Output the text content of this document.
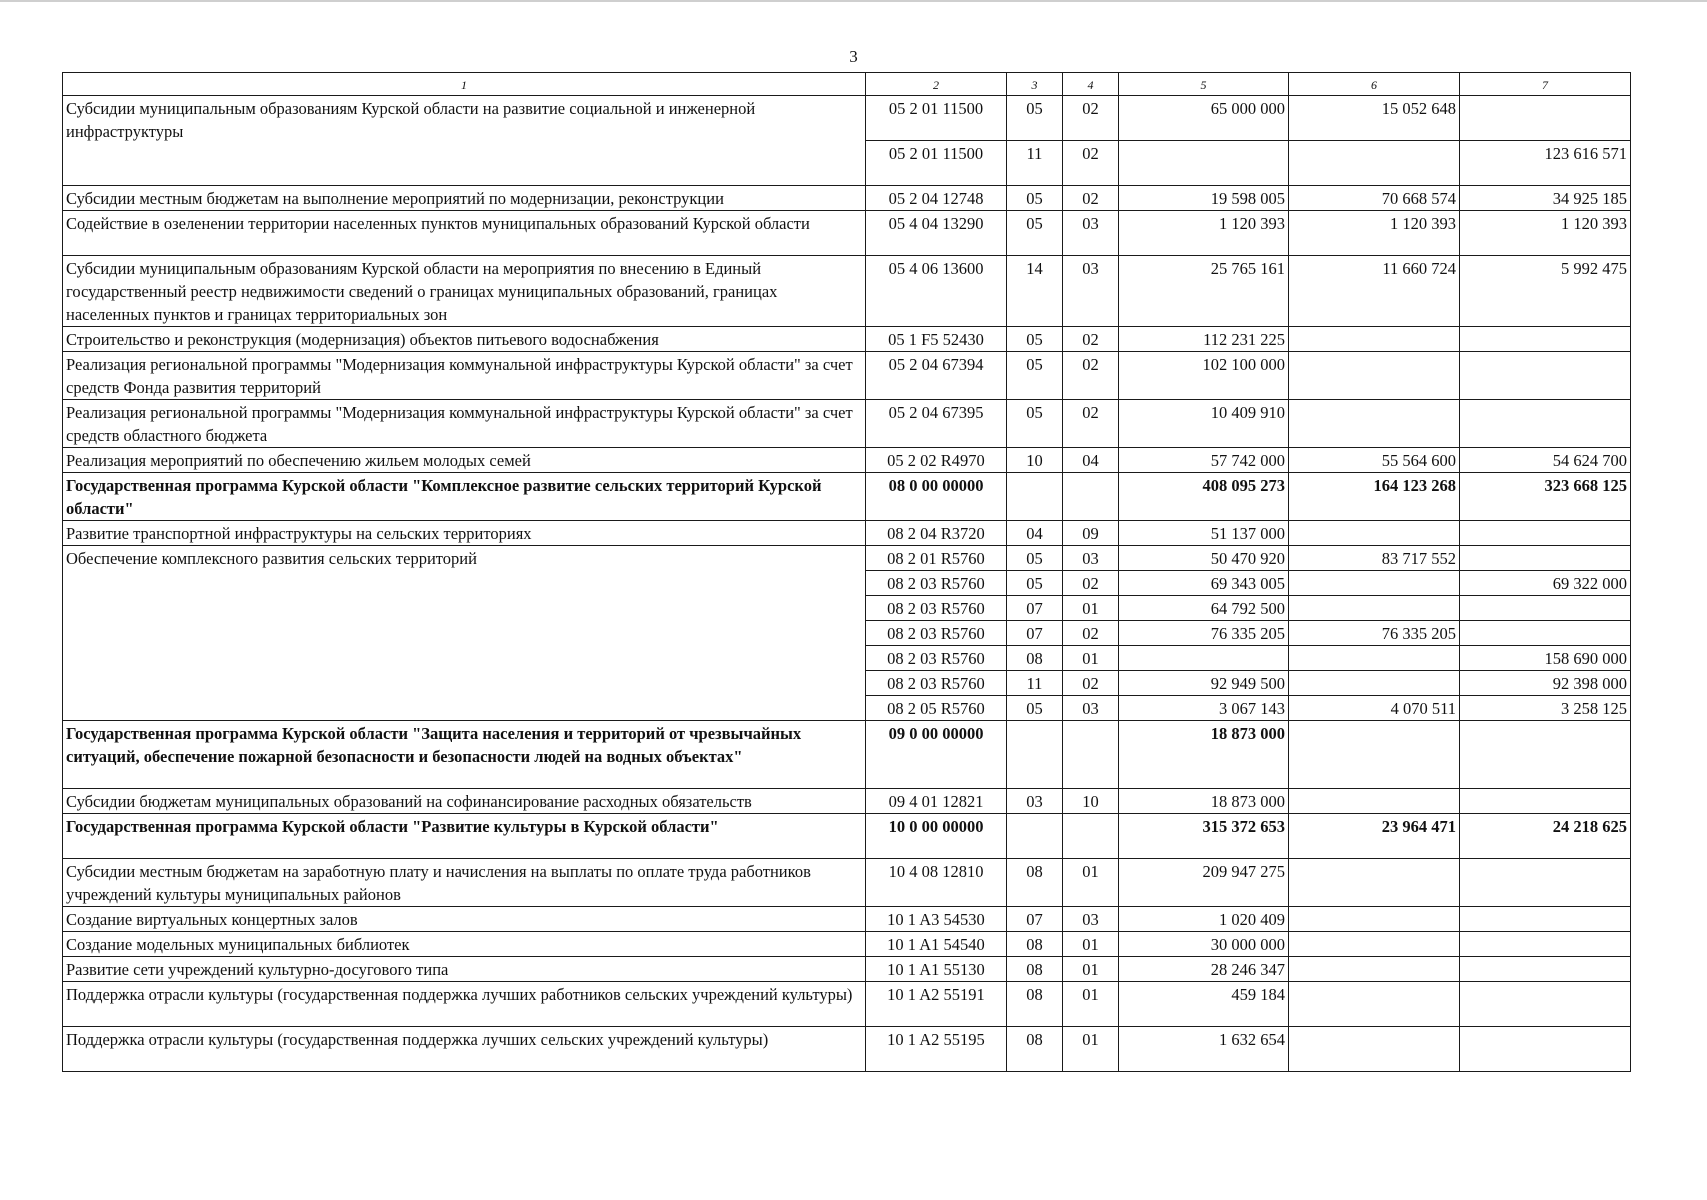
3
1	2	3	4	5	6	7
Субсидии муниципальным образованиям Курской области на развитие социальной и инженерной инфраструктуры	05 2 01 11500	05	02	65 000 000	15 052 648	
	05 2 01 11500	11	02			123 616 571
Субсидии местным бюджетам на выполнение мероприятий по модернизации, реконструкции	05 2 04 12748	05	02	19 598 005	70 668 574	34 925 185
Содействие в озеленении территории населенных пунктов муниципальных образований Курской области	05 4 04 13290	05	03	1 120 393	1 120 393	1 120 393
Субсидии муниципальным образованиям Курской области на мероприятия по внесению в Единый государственный реестр недвижимости сведений о границах муниципальных образований, границах населенных пунктов и границах территориальных зон	05 4 06 13600	14	03	25 765 161	11 660 724	5 992 475
Строительство и реконструкция (модернизация) объектов питьевого водоснабжения	05 1 F5 52430	05	02	112 231 225		
Реализация региональной программы "Модернизация коммунальной инфраструктуры Курской области" за счет средств Фонда развития территорий	05 2 04 67394	05	02	102 100 000		
Реализация региональной программы "Модернизация коммунальной инфраструктуры Курской области" за счет средств областного бюджета	05 2 04 67395	05	02	10 409 910		
Реализация мероприятий по обеспечению жильем молодых семей	05 2 02 R4970	10	04	57 742 000	55 564 600	54 624 700
Государственная программа Курской области "Комплексное развитие сельских территорий Курской области"	08 0 00 00000			408 095 273	164 123 268	323 668 125
Развитие транспортной инфраструктуры на сельских территориях	08 2 04 R3720	04	09	51 137 000		
Обеспечение комплексного развития сельских территорий	08 2 01 R5760	05	03	50 470 920	83 717 552	
	08 2 03 R5760	05	02	69 343 005		69 322 000
	08 2 03 R5760	07	01	64 792 500		
	08 2 03 R5760	07	02	76 335 205	76 335 205	
	08 2 03 R5760	08	01			158 690 000
	08 2 03 R5760	11	02	92 949 500		92 398 000
	08 2 05 R5760	05	03	3 067 143	4 070 511	3 258 125
Государственная программа Курской области "Защита населения и территорий от чрезвычайных ситуаций, обеспечение пожарной безопасности и безопасности людей на водных объектах"	09 0 00 00000			18 873 000		
Субсидии бюджетам муниципальных образований на софинансирование расходных обязательств	09 4 01 12821	03	10	18 873 000		
Государственная программа Курской области "Развитие культуры в Курской области"	10 0 00 00000			315 372 653	23 964 471	24 218 625
Субсидии местным бюджетам на заработную плату и начисления на выплаты по оплате труда работников учреждений культуры муниципальных районов	10 4 08 12810	08	01	209 947 275		
Создание виртуальных концертных залов	10 1 A3 54530	07	03	1 020 409		
Создание модельных муниципальных библиотек	10 1 A1 54540	08	01	30 000 000		
Развитие сети учреждений культурно-досугового типа	10 1 A1 55130	08	01	28 246 347		
Поддержка отрасли культуры (государственная поддержка лучших работников сельских учреждений культуры)	10 1 A2 55191	08	01	459 184		
Поддержка отрасли культуры (государственная поддержка лучших сельских учреждений культуры)	10 1 A2 55195	08	01	1 632 654		
